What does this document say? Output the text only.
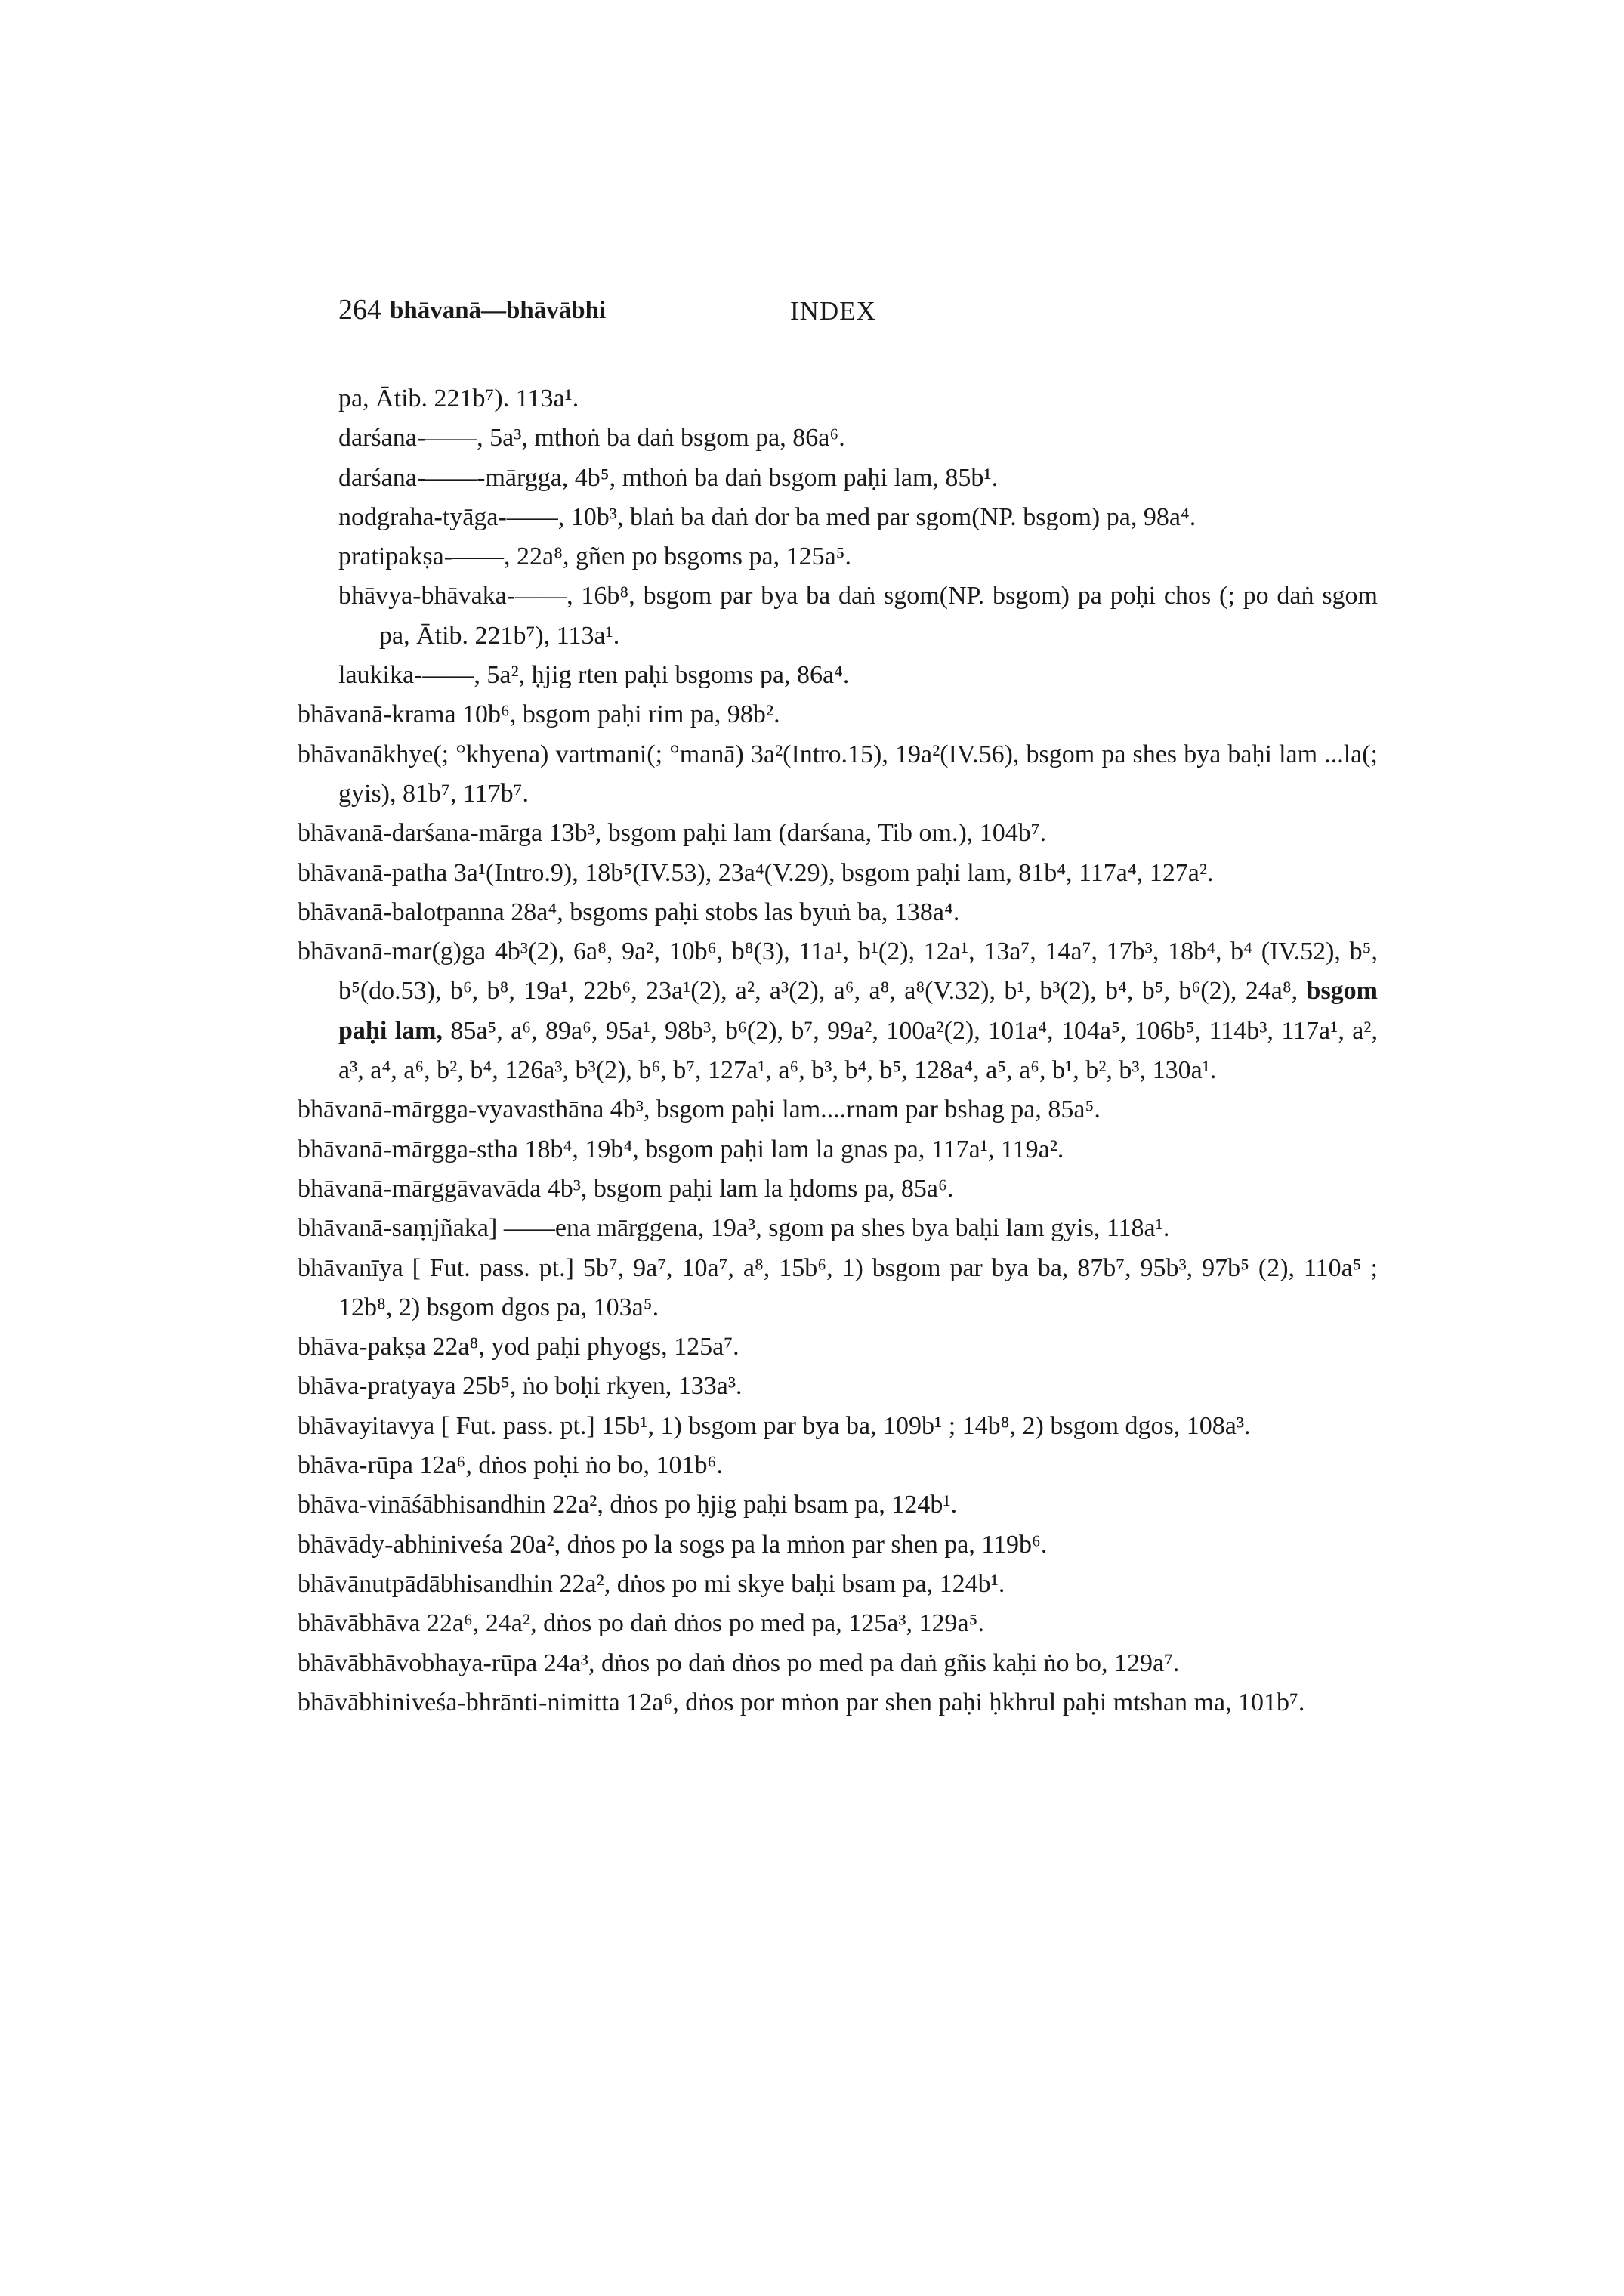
264 bhāvanā—bhāvābhi	INDEX
pa, Ātib. 221b⁷). 113a¹.
darśana-——, 5a³, mthoṅ ba daṅ bsgom pa, 86a⁶.
darśana-——-mārgga, 4b⁵, mthoṅ ba daṅ bsgom paḥi lam, 85b¹.
nodgraha-tyāga-——, 10b³, blaṅ ba daṅ dor ba med par sgom(NP. bsgom) pa, 98a⁴.
pratipakṣa-——, 22a⁸, gñen po bsgoms pa, 125a⁵.
bhāvya-bhāvaka-——, 16b⁸, bsgom par bya ba daṅ sgom(NP. bsgom) pa poḥi chos (; po daṅ sgom pa, Ātib. 221b⁷), 113a¹.
laukika-——, 5a², ḥjig rten paḥi bsgoms pa, 86a⁴.
bhāvanā-krama 10b⁶, bsgom paḥi rim pa, 98b².
bhāvanākhye(; °khyena) vartmani(; °manā) 3a²(Intro.15), 19a²(IV.56), bsgom pa shes bya baḥi lam ...la(; gyis), 81b⁷, 117b⁷.
bhāvanā-darśana-mārga 13b³, bsgom paḥi lam (darśana, Tib om.), 104b⁷.
bhāvanā-patha 3a¹(Intro.9), 18b⁵(IV.53), 23a⁴(V.29), bsgom paḥi lam, 81b⁴, 117a⁴, 127a².
bhāvanā-balotpanna 28a⁴, bsgoms paḥi stobs las byuṅ ba, 138a⁴.
bhāvanā-mar(g)ga 4b³(2), 6a⁸, 9a², 10b⁶, b⁸(3), 11a¹, b¹(2), 12a¹, 13a⁷, 14a⁷, 17b³, 18b⁴, b⁴ (IV.52), b⁵, b⁵(do.53), b⁶, b⁸, 19a¹, 22b⁶, 23a¹(2), a², a³(2), a⁶, a⁸, a⁸(V.32), b¹, b³(2), b⁴, b⁵, b⁶(2), 24a⁸, bsgom paḥi lam, 85a⁵, a⁶, 89a⁶, 95a¹, 98b³, b⁶(2), b⁷, 99a², 100a²(2), 101a⁴, 104a⁵, 106b⁵, 114b³, 117a¹, a², a³, a⁴, a⁶, b², b⁴, 126a³, b³(2), b⁶, b⁷, 127a¹, a⁶, b³, b⁴, b⁵, 128a⁴, a⁵, a⁶, b¹, b², b³, 130a¹.
bhāvanā-mārgga-vyavasthāna 4b³, bsgom paḥi lam....rnam par bshag pa, 85a⁵.
bhāvanā-mārgga-stha 18b⁴, 19b⁴, bsgom paḥi lam la gnas pa, 117a¹, 119a².
bhāvanā-mārggāvavāda 4b³, bsgom paḥi lam la ḥdoms pa, 85a⁶.
bhāvanā-saṃjñaka] ——ena mārggena, 19a³, sgom pa shes bya baḥi lam gyis, 118a¹.
bhāvanīya [ Fut. pass. pt.] 5b⁷, 9a⁷, 10a⁷, a⁸, 15b⁶, 1) bsgom par bya ba, 87b⁷, 95b³, 97b⁵ (2), 110a⁵ ; 12b⁸, 2) bsgom dgos pa, 103a⁵.
bhāva-pakṣa 22a⁸, yod paḥi phyogs, 125a⁷.
bhāva-pratyaya 25b⁵, ṅo boḥi rkyen, 133a³.
bhāvayitavya [ Fut. pass. pt.] 15b¹, 1) bsgom par bya ba, 109b¹ ; 14b⁸, 2) bsgom dgos, 108a³.
bhāva-rūpa 12a⁶, dṅos poḥi ṅo bo, 101b⁶.
bhāva-vināśābhisandhin 22a², dṅos po ḥjig paḥi bsam pa, 124b¹.
bhāvādy-abhiniveśa 20a², dṅos po la sogs pa la mṅon par shen pa, 119b⁶.
bhāvānutpādābhisandhin 22a², dṅos po mi skye baḥi bsam pa, 124b¹.
bhāvābhāva 22a⁶, 24a², dṅos po daṅ dṅos po med pa, 125a³, 129a⁵.
bhāvābhāvobhaya-rūpa 24a³, dṅos po daṅ dṅos po med pa daṅ gñis kaḥi ṅo bo, 129a⁷.
bhāvābhiniveśa-bhrānti-nimitta 12a⁶, dṅos por mṅon par shen paḥi ḥkhrul paḥi mtshan ma, 101b⁷.
